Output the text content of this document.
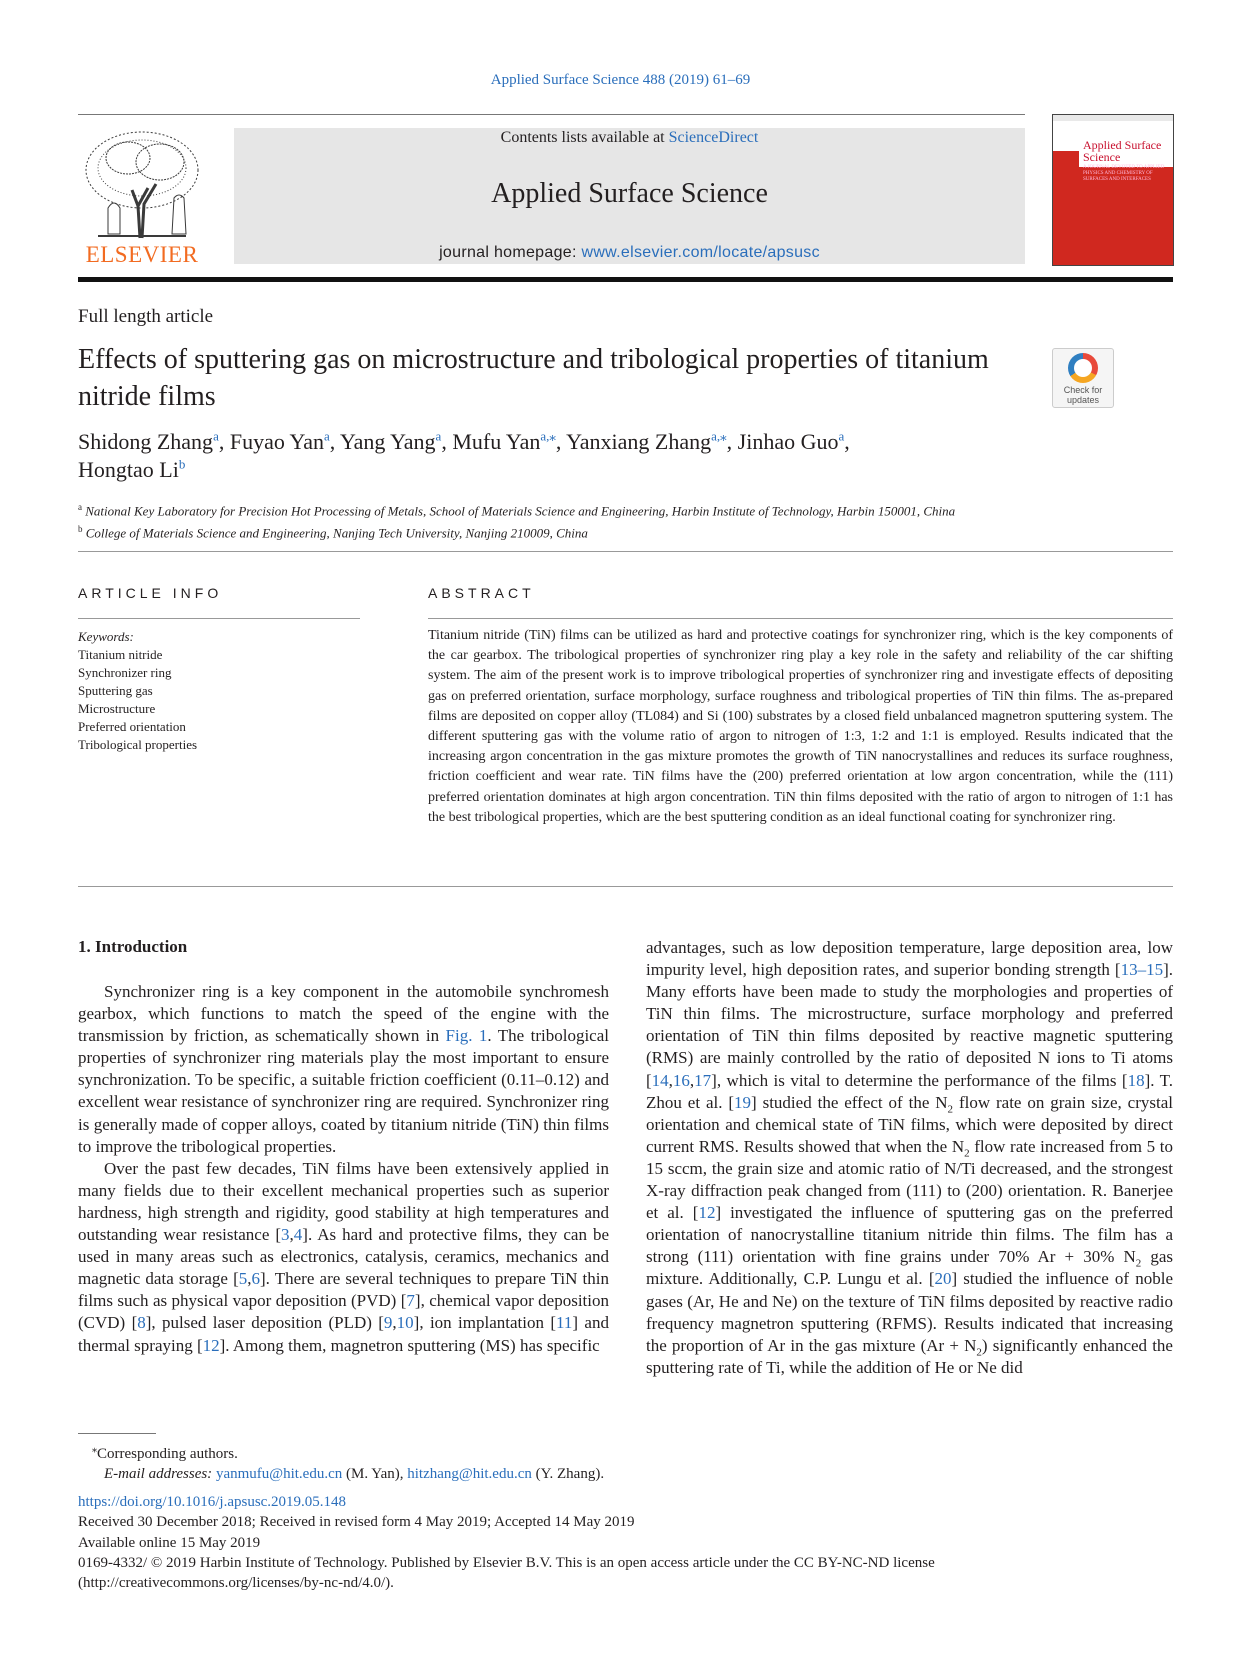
Applied Surface Science 488 (2019) 61–69
ELSEVIER
Contents lists available at ScienceDirect
Applied Surface Science
journal homepage: www.elsevier.com/locate/apsusc
Applied Surface Science
A JOURNAL DEVOTED TO APPLIED PHYSICS AND CHEMISTRY OF SURFACES AND INTERFACES
Full length article
Effects of sputtering gas on microstructure and tribological properties of titanium nitride films	Check for updates
Shidong Zhang$^a$, Fuyao Yan$^a$, Yang Yang$^a$, Mufu Yan$^{a,⁎}$, Yanxiang Zhang$^{a,⁎}$, Jinhao Guo$^a$,
Hongtao Li$^b$
$^a$ National Key Laboratory for Precision Hot Processing of Metals, School of Materials Science and Engineering, Harbin Institute of Technology, Harbin 150001, China
$^b$ College of Materials Science and Engineering, Nanjing Tech University, Nanjing 210009, China
ARTICLE INFO	ABSTRACT
Keywords:
Titanium nitride
Synchronizer ring
Sputtering gas
Microstructure
Preferred orientation
Tribological properties
Titanium nitride (TiN) films can be utilized as hard and protective coatings for synchronizer ring, which is the key components of the car gearbox. The tribological properties of synchronizer ring play a key role in the safety and reliability of the car shifting system. The aim of the present work is to improve tribological properties of synchronizer ring and investigate effects of depositing gas on preferred orientation, surface morphology, surface roughness and tribological properties of TiN thin films. The as-prepared films are deposited on copper alloy (TL084) and Si (100) substrates by a closed field unbalanced magnetron sputtering system. The different sputtering gas with the volume ratio of argon to nitrogen of 1:3, 1:2 and 1:1 is employed. Results indicated that the increasing argon concentration in the gas mixture promotes the growth of TiN nanocrystallines and reduces its surface roughness, friction coefficient and wear rate. TiN films have the (200) preferred orientation at low argon concentration, while the (111) preferred orientation dominates at high argon concentration. TiN thin films deposited with the ratio of argon to nitrogen of 1:1 has the best tribological properties, which are the best sputtering condition as an ideal functional coating for synchronizer ring.
1. Introduction

Synchronizer ring is a key component in the automobile synchromesh gearbox, which functions to match the speed of the engine with the transmission by friction, as schematically shown in Fig. 1. The tribological properties of synchronizer ring materials play the most important to ensure synchronization. To be specific, a suitable friction coefficient (0.11–0.12) and excellent wear resistance of synchronizer ring are required. Synchronizer ring is generally made of copper alloys, coated by titanium nitride (TiN) thin films to improve the tribological properties.

Over the past few decades, TiN films have been extensively applied in many fields due to their excellent mechanical properties such as superior hardness, high strength and rigidity, good stability at high temperatures and outstanding wear resistance [3,4]. As hard and protective films, they can be used in many areas such as electronics, catalysis, ceramics, mechanics and magnetic data storage [5,6]. There are several techniques to prepare TiN thin films such as physical vapor deposition (PVD) [7], chemical vapor deposition (CVD) [8], pulsed laser deposition (PLD) [9,10], ion implantation [11] and thermal spraying [12]. Among them, magnetron sputtering (MS) has specific

advantages, such as low deposition temperature, large deposition area, low impurity level, high deposition rates, and superior bonding strength [13–15]. Many efforts have been made to study the morphologies and properties of TiN thin films. The microstructure, surface morphology and preferred orientation of TiN thin films deposited by reactive magnetic sputtering (RMS) are mainly controlled by the ratio of deposited N ions to Ti atoms [14,16,17], which is vital to determine the performance of the films [18]. T. Zhou et al. [19] studied the effect of the $N_2$ flow rate on grain size, crystal orientation and chemical state of TiN films, which were deposited by direct current RMS. Results showed that when the $N_2$ flow rate increased from 5 to 15 sccm, the grain size and atomic ratio of N/Ti decreased, and the strongest X-ray diffraction peak changed from (111) to (200) orientation. R. Banerjee et al. [12] investigated the influence of sputtering gas on the preferred orientation of nanocrystalline titanium nitride thin films. The film has a strong (111) orientation with fine grains under 70% Ar + 30% $N_2$ gas mixture. Additionally, C.P. Lungu et al. [20] studied the influence of noble gases (Ar, He and Ne) on the texture of TiN films deposited by reactive radio frequency magnetron sputtering (RFMS). Results indicated that increasing the proportion of Ar in the gas mixture $(Ar + N_2)$ significantly enhanced the sputtering rate of Ti, while the addition of He or Ne did

⁎Corresponding authors.
E-mail addresses: yanmufu@hit.edu.cn (M. Yan), hitzhang@hit.edu.cn (Y. Zhang).
https://doi.org/10.1016/j.apsusc.2019.05.148
Received 30 December 2018; Received in revised form 4 May 2019; Accepted 14 May 2019
Available online 15 May 2019
0169-4332/ © 2019 Harbin Institute of Technology. Published by Elsevier B.V. This is an open access article under the CC BY-NC-ND license
(http://creativecommons.org/licenses/by-nc-nd/4.0/).
